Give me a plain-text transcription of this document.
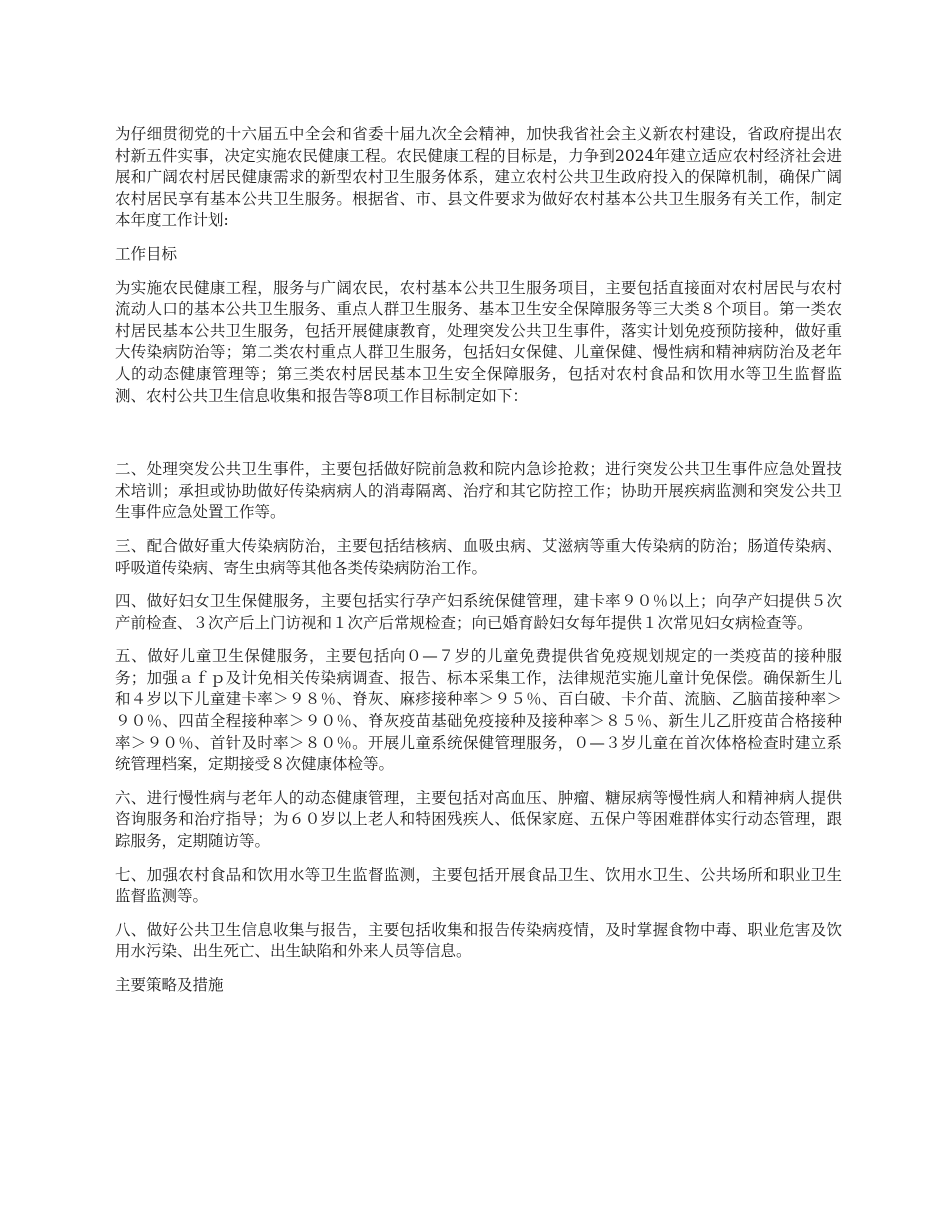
为仔细贯彻党的十六届五中全会和省委十届九次全会精神，加快我省社会主义新农村建设，省政府提出农村新五件实事，决定实施农民健康工程。农民健康工程的目标是，力争到2024年建立适应农村经济社会进展和广阔农村居民健康需求的新型农村卫生服务体系，建立农村公共卫生政府投入的保障机制，确保广阔农村居民享有基本公共卫生服务。根据省、市、县文件要求为做好农村基本公共卫生服务有关工作，制定本年度工作计划:

工作目标

为实施农民健康工程，服务与广阔农民，农村基本公共卫生服务项目，主要包括直接面对农村居民与农村流动人口的基本公共卫生服务、重点人群卫生服务、基本卫生安全保障服务等三大类８个项目。第一类农村居民基本公共卫生服务，包括开展健康教育，处理突发公共卫生事件，落实计划免疫预防接种，做好重大传染病防治等；第二类农村重点人群卫生服务，包括妇女保健、儿童保健、慢性病和精神病防治及老年人的动态健康管理等；第三类农村居民基本卫生安全保障服务，包括对农村食品和饮用水等卫生监督监测、农村公共卫生信息收集和报告等8项工作目标制定如下：

二、处理突发公共卫生事件，主要包括做好院前急救和院内急诊抢救；进行突发公共卫生事件应急处置技术培训；承担或协助做好传染病病人的消毒隔离、治疗和其它防控工作；协助开展疾病监测和突发公共卫生事件应急处置工作等。

三、配合做好重大传染病防治，主要包括结核病、血吸虫病、艾滋病等重大传染病的防治；肠道传染病、呼吸道传染病、寄生虫病等其他各类传染病防治工作。

四、做好妇女卫生保健服务，主要包括实行孕产妇系统保健管理，建卡率９０％以上；向孕产妇提供５次产前检查、３次产后上门访视和１次产后常规检查；向已婚育龄妇女每年提供１次常见妇女病检查等。

五、做好儿童卫生保健服务，主要包括向０—７岁的儿童免费提供省免疫规划规定的一类疫苗的接种服务；加强ａｆｐ及计免相关传染病调查、报告、标本采集工作，法律规范实施儿童计免保偿。确保新生儿和４岁以下儿童建卡率＞９８％、脊灰、麻疹接种率＞９５％、百白破、卡介苗、流脑、乙脑苗接种率＞９０％、四苗全程接种率＞９０％、脊灰疫苗基础免疫接种及接种率＞８５％、新生儿乙肝疫苗合格接种率＞９０％、首针及时率＞８０％。开展儿童系统保健管理服务，０—３岁儿童在首次体格检查时建立系统管理档案，定期接受８次健康体检等。

六、进行慢性病与老年人的动态健康管理，主要包括对高血压、肿瘤、糖尿病等慢性病人和精神病人提供咨询服务和治疗指导；为６０岁以上老人和特困残疾人、低保家庭、五保户等困难群体实行动态管理，跟踪服务，定期随访等。

七、加强农村食品和饮用水等卫生监督监测，主要包括开展食品卫生、饮用水卫生、公共场所和职业卫生监督监测等。

八、做好公共卫生信息收集与报告，主要包括收集和报告传染病疫情，及时掌握食物中毒、职业危害及饮用水污染、出生死亡、出生缺陷和外来人员等信息。

主要策略及措施
